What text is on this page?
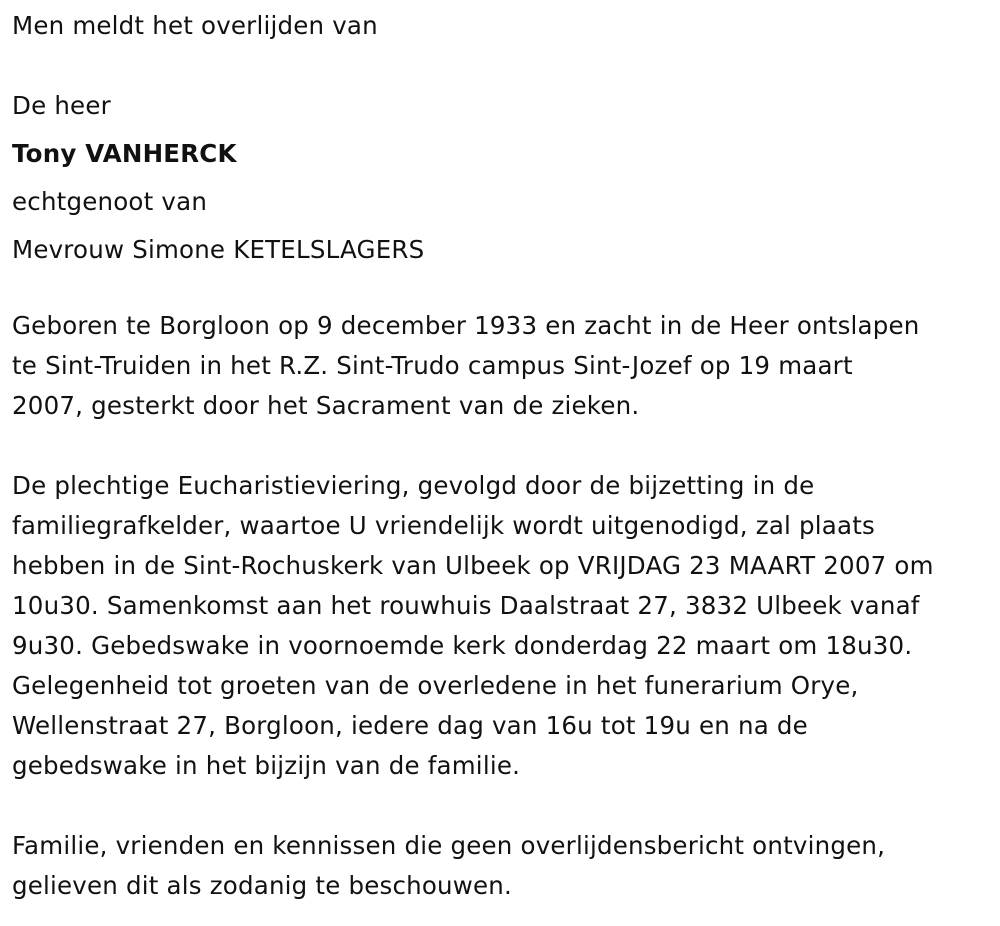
Men meldt het overlijden van
De heer
Tony VANHERCK
echtgenoot van
Mevrouw Simone KETELSLAGERS
Geboren te Borgloon op 9 december 1933 en zacht in de Heer ontslapen
te Sint-Truiden in het R.Z. Sint-Trudo campus Sint-Jozef op 19 maart
2007, gesterkt door het Sacrament van de zieken.
De plechtige Eucharistieviering, gevolgd door de bijzetting in de
familiegrafkelder, waartoe U vriendelijk wordt uitgenodigd, zal plaats
hebben in de Sint-Rochuskerk van Ulbeek op VRIJDAG 23 MAART 2007 om
10u30. Samenkomst aan het rouwhuis Daalstraat 27, 3832 Ulbeek vanaf
9u30. Gebedswake in voornoemde kerk donderdag 22 maart om 18u30.
Gelegenheid tot groeten van de overledene in het funerarium Orye,
Wellenstraat 27, Borgloon, iedere dag van 16u tot 19u en na de
gebedswake in het bijzijn van de familie.
Familie, vrienden en kennissen die geen overlijdensbericht ontvingen,
gelieven dit als zodanig te beschouwen.
